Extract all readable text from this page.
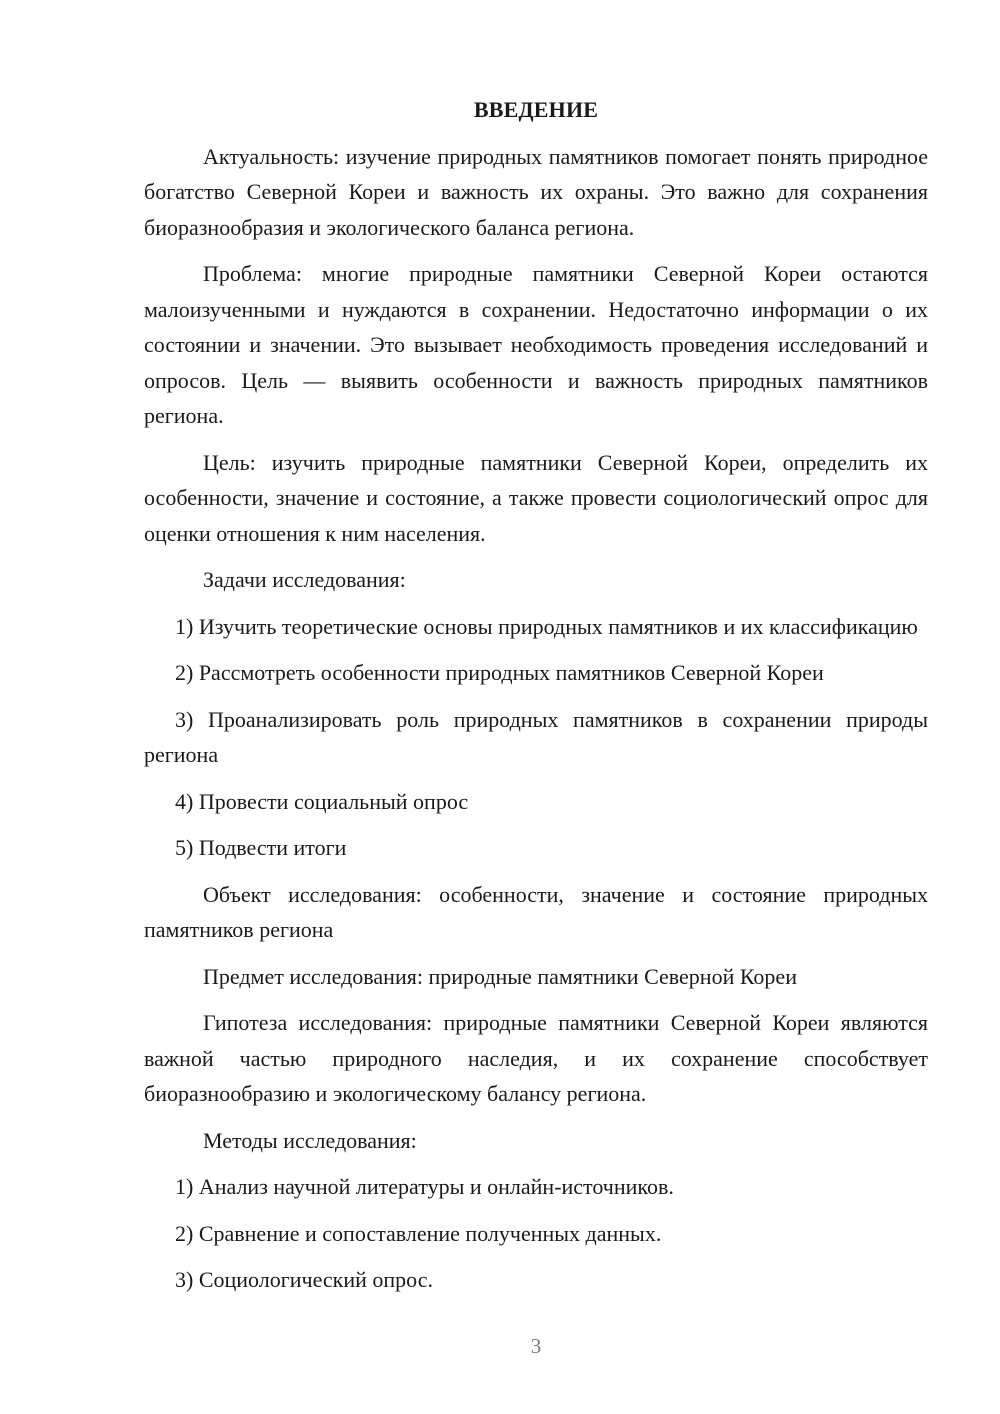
ВВЕДЕНИЕ
Актуальность: изучение природных памятников помогает понять природное богатство Северной Кореи и важность их охраны. Это важно для сохранения биоразнообразия и экологического баланса региона.
Проблема: многие природные памятники Северной Кореи остаются малоизученными и нуждаются в сохранении. Недостаточно информации о их состоянии и значении. Это вызывает необходимость проведения исследований и опросов. Цель — выявить особенности и важность природных памятников региона.
Цель: изучить природные памятники Северной Кореи, определить их особенности, значение и состояние, а также провести социологический опрос для оценки отношения к ним населения.
Задачи исследования:
1) Изучить теоретические основы природных памятников и их классификацию
2) Рассмотреть особенности природных памятников Северной Кореи
3) Проанализировать роль природных памятников в сохранении природы региона
4) Провести социальный опрос
5) Подвести итоги
Объект исследования: особенности, значение и состояние природных памятников региона
Предмет исследования: природные памятники Северной Кореи
Гипотеза исследования: природные памятники Северной Кореи являются важной частью природного наследия, и их сохранение способствует биоразнообразию и экологическому балансу региона.
Методы исследования:
1) Анализ научной литературы и онлайн-источников.
2) Сравнение и сопоставление полученных данных.
3) Социологический опрос.
3
